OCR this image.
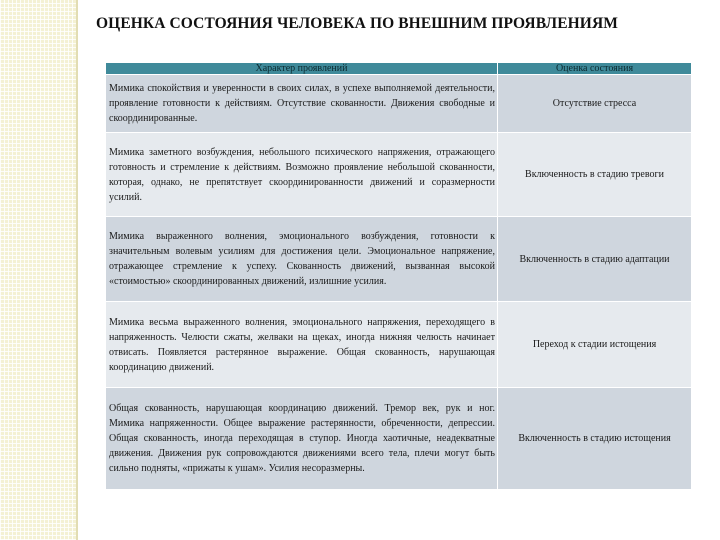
ОЦЕНКА СОСТОЯНИЯ ЧЕЛОВЕКА ПО ВНЕШНИМ ПРОЯВЛЕНИЯМ
Характер проявлений	Оценка состояния
Мимика спокойствия и уверенности в своих силах, в успехе выполняемой деятельности, проявление готовности к действиям. Отсутствие скованности. Движения свободные и скоординированные.	Отсутствие стресса
Мимика заметного возбуждения, небольшого психического напряжения, отражающего готовность и стремление к действиям. Возможно проявление небольшой скованности, которая, однако, не препятствует скоординированности движений и соразмерности усилий.	Включенность в стадию тревоги
Мимика выраженного волнения, эмоционального возбуждения, готовности к значительным волевым усилиям для достижения цели. Эмоциональное напряжение, отражающее стремление к успеху. Скованность движений, вызванная высокой «стоимостью» скоординированных движений, излишние усилия.	Включенность в стадию адаптации
Мимика весьма выраженного волнения, эмоционального напряжения, переходящего в напряженность. Челюсти сжаты, желваки на щеках, иногда нижняя челюсть начинает отвисать. Появляется растерянное выражение. Общая скованность, нарушающая координацию движений.	Переход к стадии истощения
Общая скованность, нарушающая координацию движений. Тремор век, рук и ног. Мимика напряженности. Общее выражение растерянности, обреченности, депрессии. Общая скованность, иногда переходящая в ступор. Иногда хаотичные, неадекватные движения. Движения рук сопровождаются движениями всего тела, плечи могут быть сильно подняты, «прижаты к ушам». Усилия несоразмерны.	Включенность в стадию истощения
